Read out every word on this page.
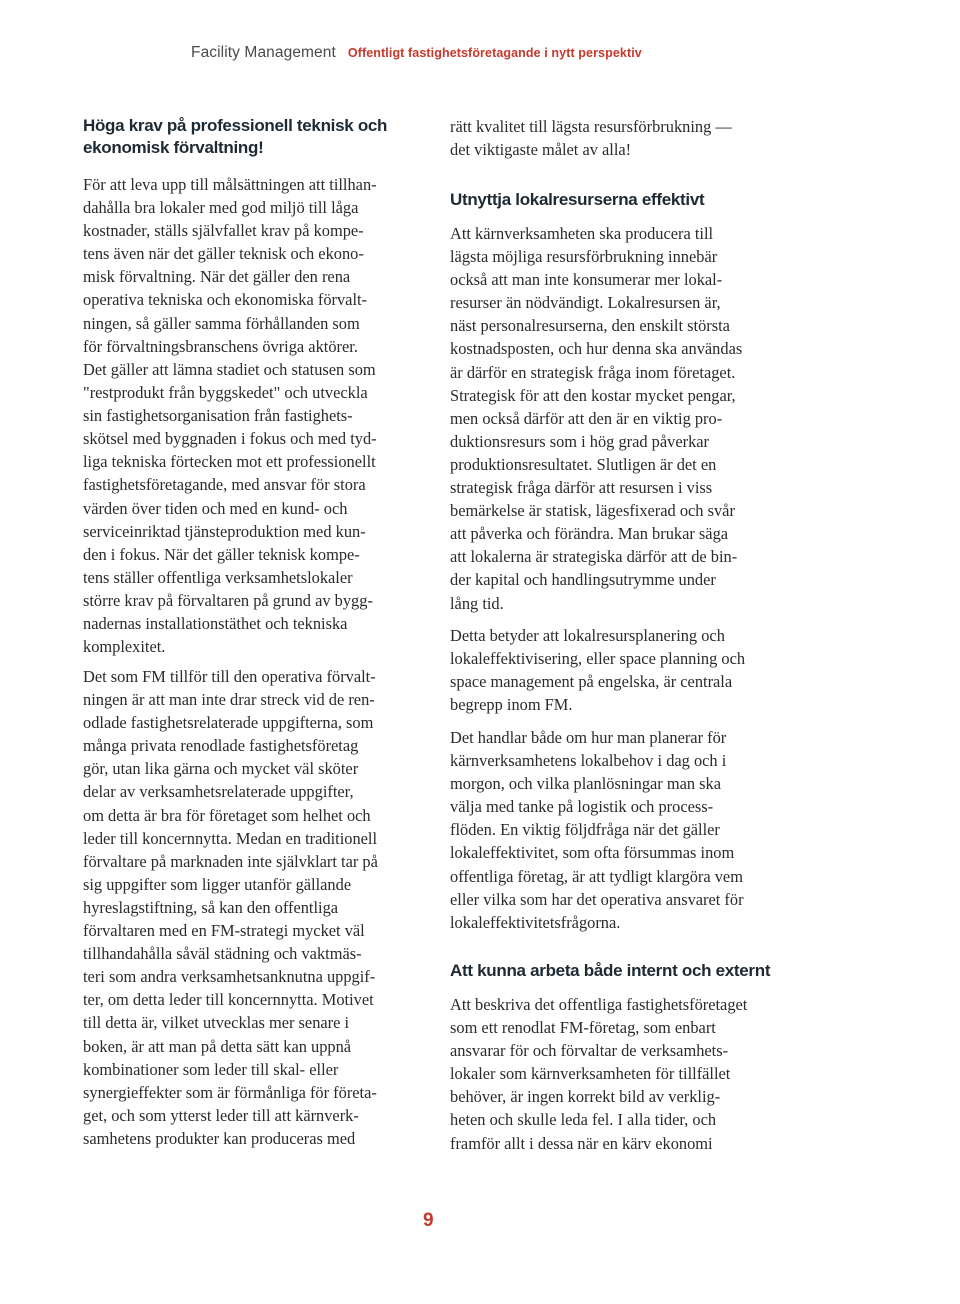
Facility Management Offentligt fastighetsföretagande i nytt perspektiv
Höga krav på professionell teknisk och
ekonomisk förvaltning!
För att leva upp till målsättningen att tillhan-
dahålla bra lokaler med god miljö till låga
kostnader, ställs självfallet krav på kompe-
tens även när det gäller teknisk och ekono-
misk förvaltning. När det gäller den rena
operativa tekniska och ekonomiska förvalt-
ningen, så gäller samma förhållanden som
för förvaltningsbranschens övriga aktörer.
Det gäller att lämna stadiet och statusen som
"restprodukt från byggskedet" och utveckla
sin fastighetsorganisation från fastighets-
skötsel med byggnaden i fokus och med tyd-
liga tekniska förtecken mot ett professionellt
fastighetsföretagande, med ansvar för stora
värden över tiden och med en kund- och
serviceinriktad tjänsteproduktion med kun-
den i fokus. När det gäller teknisk kompe-
tens ställer offentliga verksamhetslokaler
större krav på förvaltaren på grund av bygg-
nadernas installationstäthet och tekniska
komplexitet.
Det som FM tillför till den operativa förvalt-
ningen är att man inte drar streck vid de ren-
odlade fastighetsrelaterade uppgifterna, som
många privata renodlade fastighetsföretag
gör, utan lika gärna och mycket väl sköter
delar av verksamhetsrelaterade uppgifter,
om detta är bra för företaget som helhet och
leder till koncernnytta. Medan en traditionell
förvaltare på marknaden inte självklart tar på
sig uppgifter som ligger utanför gällande
hyreslagstiftning, så kan den offentliga
förvaltaren med en FM-strategi mycket väl
tillhandahålla såväl städning och vaktmäs-
teri som andra verksamhetsanknutna uppgif-
ter, om detta leder till koncernnytta. Motivet
till detta är, vilket utvecklas mer senare i
boken, är att man på detta sätt kan uppnå
kombinationer som leder till skal- eller
synergieffekter som är förmånliga för företa-
get, och som ytterst leder till att kärnverk-
samhetens produkter kan produceras med
rätt kvalitet till lägsta resursförbrukning —
det viktigaste målet av alla!
Utnyttja lokalresurserna effektivt
Att kärnverksamheten ska producera till
lägsta möjliga resursförbrukning innebär
också att man inte konsumerar mer lokal-
resurser än nödvändigt. Lokalresursen är,
näst personalresurserna, den enskilt största
kostnadsposten, och hur denna ska användas
är därför en strategisk fråga inom företaget.
Strategisk för att den kostar mycket pengar,
men också därför att den är en viktig pro-
duktionsresurs som i hög grad påverkar
produktionsresultatet. Slutligen är det en
strategisk fråga därför att resursen i viss
bemärkelse är statisk, lägesfixerad och svår
att påverka och förändra. Man brukar säga
att lokalerna är strategiska därför att de bin-
der kapital och handlingsutrymme under
lång tid.
Detta betyder att lokalresursplanering och
lokaleffektivisering, eller space planning och
space management på engelska, är centrala
begrepp inom FM.
Det handlar både om hur man planerar för
kärnverksamhetens lokalbehov i dag och i
morgon, och vilka planlösningar man ska
välja med tanke på logistik och process-
flöden. En viktig följdfråga när det gäller
lokaleffektivitet, som ofta försummas inom
offentliga företag, är att tydligt klargöra vem
eller vilka som har det operativa ansvaret för
lokaleffektivitetsfrågorna.
Att kunna arbeta både internt och externt
Att beskriva det offentliga fastighetsföretaget
som ett renodlat FM-företag, som enbart
ansvarar för och förvaltar de verksamhets-
lokaler som kärnverksamheten för tillfället
behöver, är ingen korrekt bild av verklig-
heten och skulle leda fel. I alla tider, och
framför allt i dessa när en kärv ekonomi
9
